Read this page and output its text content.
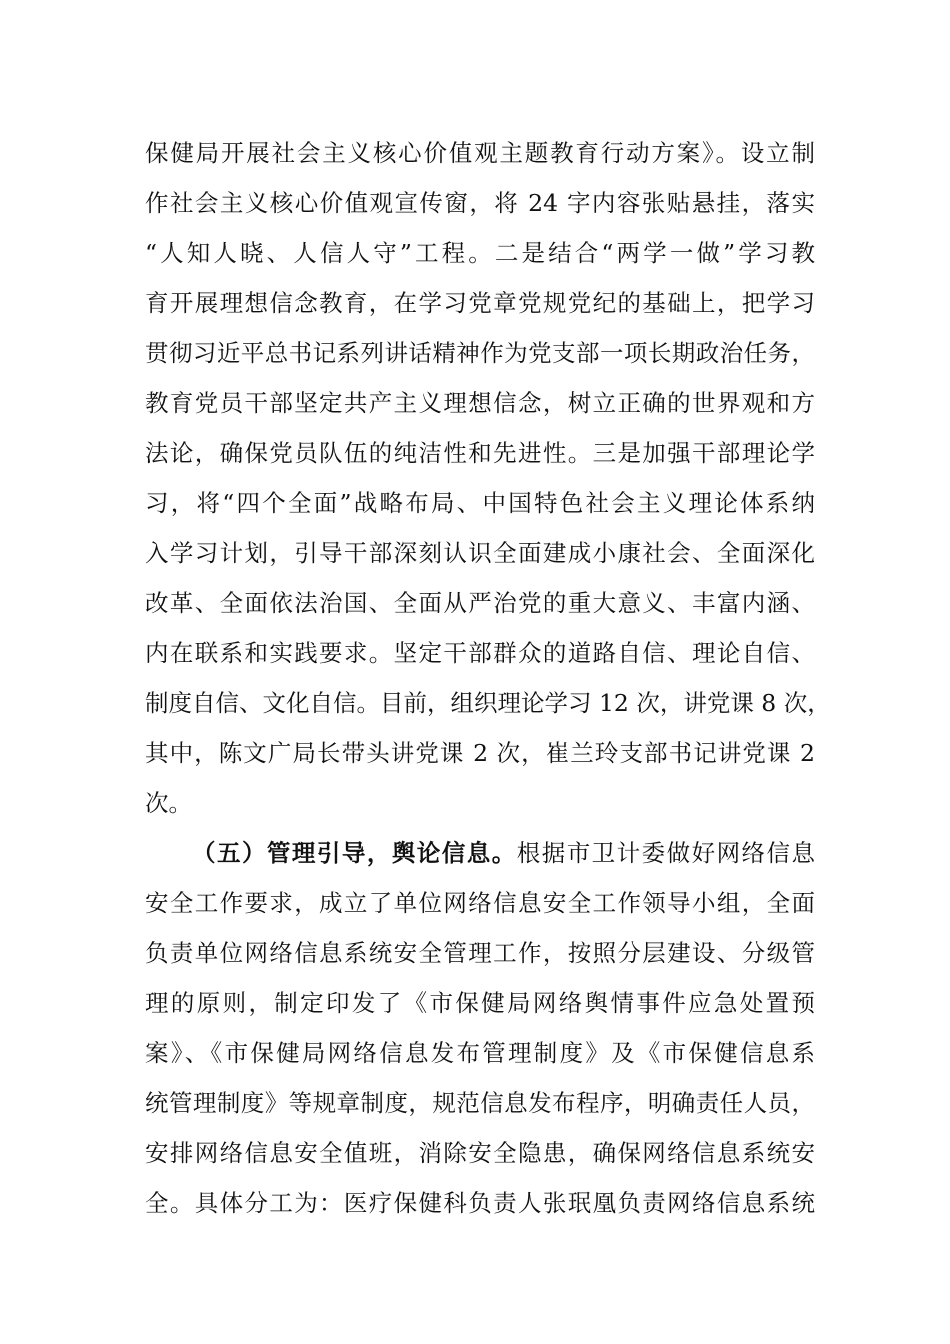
保健局开展社会主义核心价值观主题教育行动方案》。设立制
作社会主义核心价值观宣传窗，将 24 字内容张贴悬挂，落实
“人知人晓、人信人守”工程。二是结合“两学一做”学习教
育开展理想信念教育，在学习党章党规党纪的基础上，把学习
贯彻习近平总书记系列讲话精神作为党支部一项长期政治任务，
教育党员干部坚定共产主义理想信念，树立正确的世界观和方
法论，确保党员队伍的纯洁性和先进性。三是加强干部理论学
习，将“四个全面”战略布局、中国特色社会主义理论体系纳
入学习计划，引导干部深刻认识全面建成小康社会、全面深化
改革、全面依法治国、全面从严治党的重大意义、丰富内涵、
内在联系和实践要求。坚定干部群众的道路自信、理论自信、
制度自信、文化自信。目前，组织理论学习 12 次，讲党课 8 次，
其中，陈文广局长带头讲党课 2 次，崔兰玲支部书记讲党课 2
次。
（五）管理引导，舆论信息。根据市卫计委做好网络信息
安全工作要求，成立了单位网络信息安全工作领导小组，全面
负责单位网络信息系统安全管理工作，按照分层建设、分级管
理的原则，制定印发了《市保健局网络舆情事件应急处置预
案》、《市保健局网络信息发布管理制度》及《市保健信息系
统管理制度》等规章制度，规范信息发布程序，明确责任人员，
安排网络信息安全值班，消除安全隐患，确保网络信息系统安
全。具体分工为：医疗保健科负责人张珉凰负责网络信息系统
